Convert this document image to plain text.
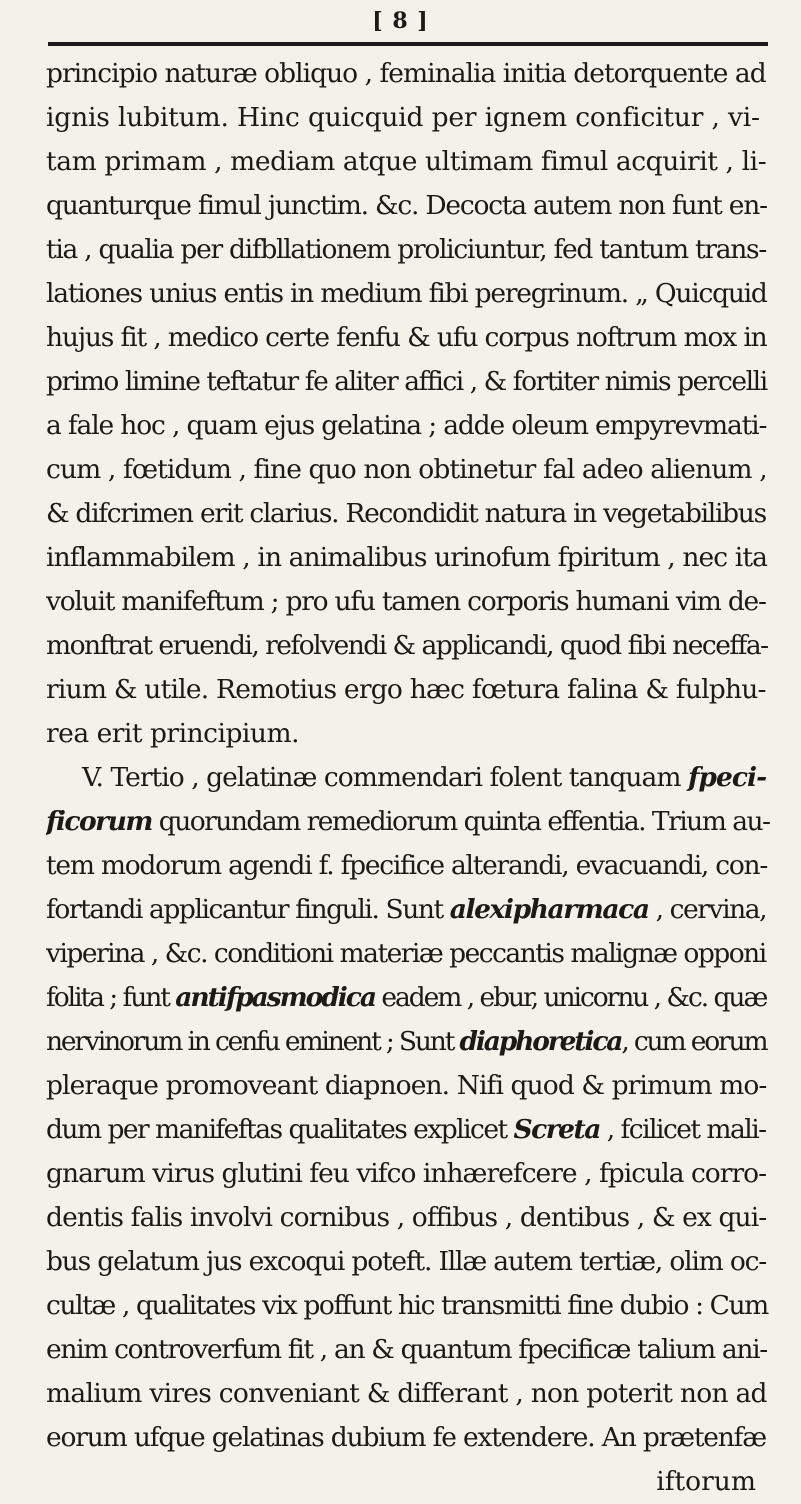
[ 8 ]
principio naturæ obliquo , feminalia initia detorquente ad
ignis lubitum. Hinc quicquid per ignem conficitur , vi-
tam primam , mediam atque ultimam fimul acquirit , li-
quanturque fimul junctim. &c. Decocta autem non funt en-
tia , qualia per difbllationem proliciuntur, fed tantum trans-
lationes unius entis in medium fibi peregrinum. „ Quicquid
hujus fit , medico certe fenfu & ufu corpus noftrum mox in
primo limine teftatur fe aliter affici , & fortiter nimis percelli
a fale hoc , quam ejus gelatina ; adde oleum empyrevmati-
cum , fœtidum , fine quo non obtinetur fal adeo alienum ,
& difcrimen erit clarius. Recondidit natura in vegetabilibus
inflammabilem , in animalibus urinofum fpiritum , nec ita
voluit manifeftum ; pro ufu tamen corporis humani vim de-
monftrat eruendi, refolvendi & applicandi, quod fibi neceffa-
rium & utile. Remotius ergo hæc fœtura falina & fulphu-
rea erit principium.
V. Tertio , gelatinæ commendari folent tanquam fpeci-
ficorum quorundam remediorum quinta effentia. Trium au-
tem modorum agendi f. fpecifice alterandi, evacuandi, con-
fortandi applicantur finguli. Sunt alexipharmaca , cervina,
viperina , &c. conditioni materiæ peccantis malignæ opponi
folita ; funt antifpasmodica eadem , ebur, unicornu , &c. quæ
nervinorum in cenfu eminent ; Sunt diaphoretica, cum eorum
pleraque promoveant diapnoen. Nifi quod & primum mo-
dum per manifeftas qualitates explicet Screta , fcilicet mali-
gnarum virus glutini feu vifco inhærefcere , fpicula corro-
dentis falis involvi cornibus , offibus , dentibus , & ex qui-
bus gelatum jus excoqui poteft. Illæ autem tertiæ, olim oc-
cultæ , qualitates vix poffunt hic transmitti fine dubio : Cum
enim controverfum fit , an & quantum fpecificæ talium ani-
malium vires conveniant & differant , non poterit non ad
eorum ufque gelatinas dubium fe extendere. An prætenfæ
iftorum
